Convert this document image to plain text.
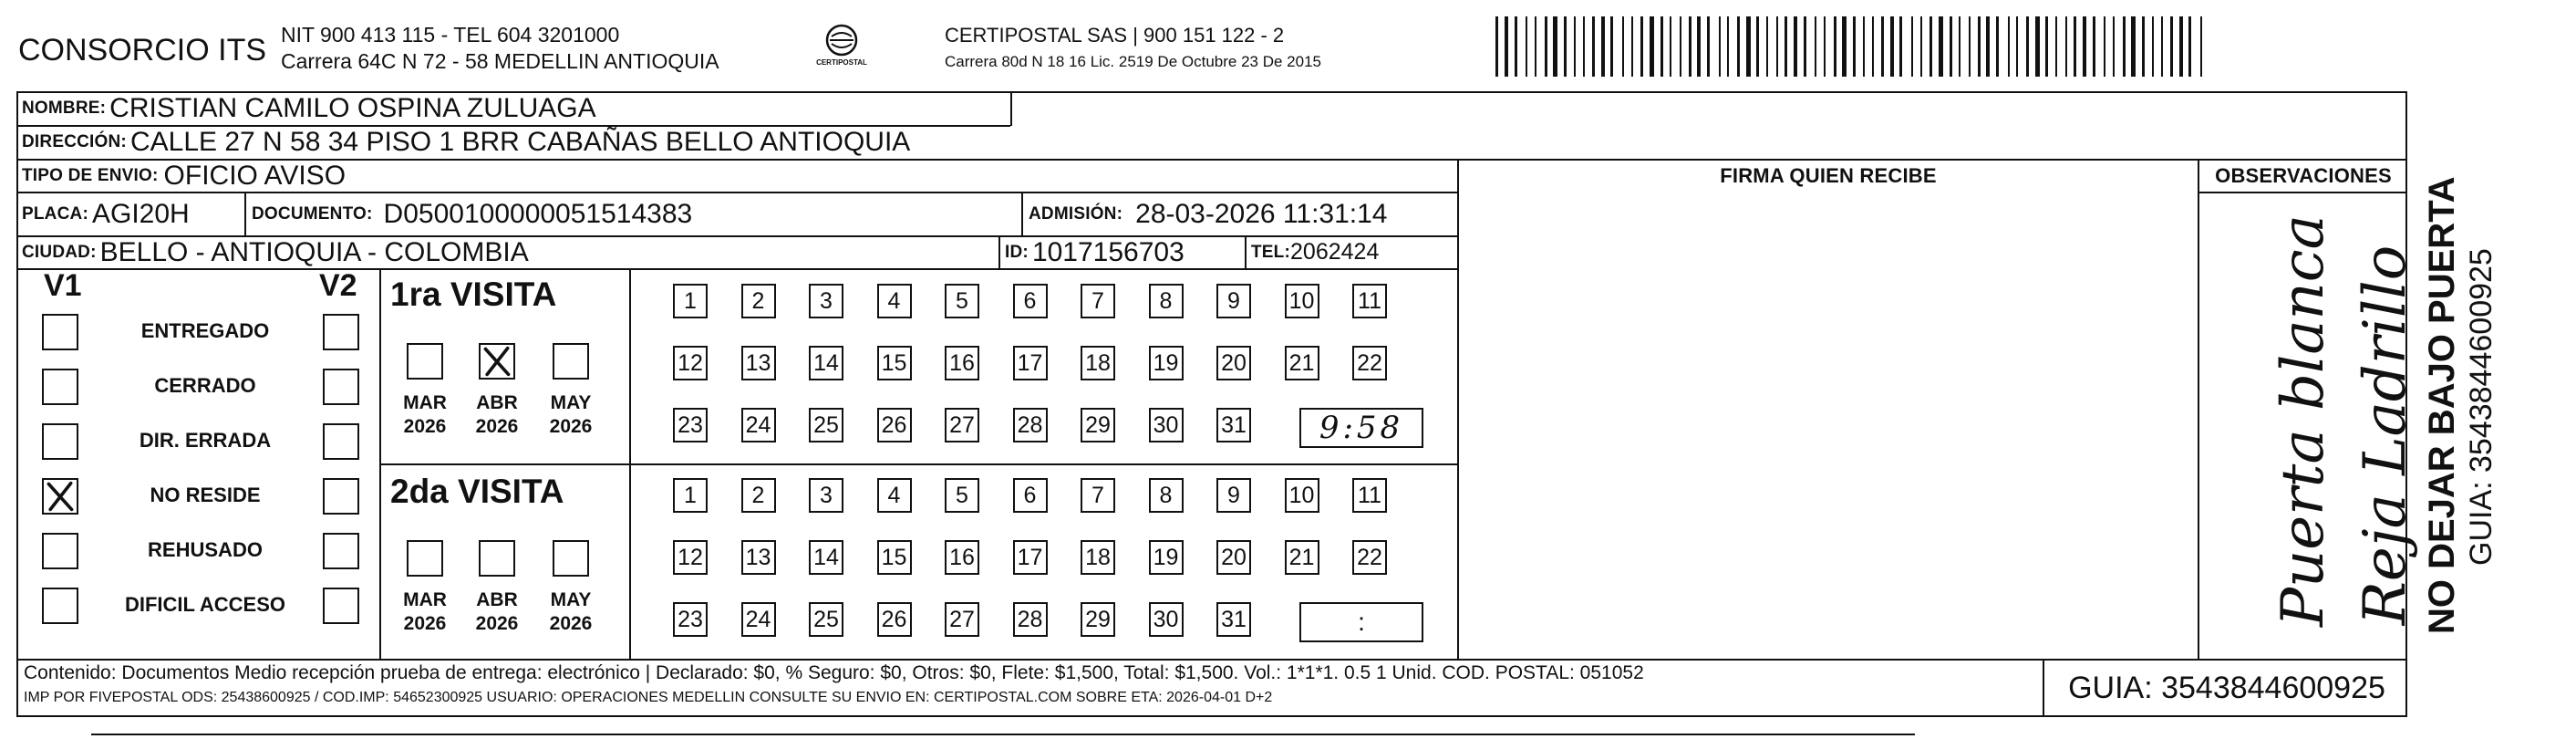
CONSORCIO ITS NIT 900 413 115 - TEL 604 3201000
Carrera 64C N 72 - 58 MEDELLIN ANTIOQUIA	CERTIPOSTAL
CERTIPOSTAL SAS | 900 151 122 - 2
Carrera 80d N 18 16 Lic. 2519 De Octubre 23 De 2015
NOMBRE: CRISTIAN CAMILO OSPINA ZULUAGA
DIRECCIÓN: CALLE 27 N 58 34 PISO 1 BRR CABAÑAS BELLO ANTIOQUIA
TIPO DE ENVIO: OFICIO AVISO
PLACA: AGI20H	DOCUMENTO: D0500100000051514383	ADMISIÓN: 28-03-2026 11:31:14
CIUDAD: BELLO - ANTIOQUIA - COLOMBIA	ID: 1017156703	TEL: 2062424
FIRMA QUIEN RECIBE	OBSERVACIONES
Puerta blanca Reja Ladrillo
V1	V2 1ra VISITA
2da VISITA
Contenido: Documentos Medio recepción prueba de entrega: electrónico | Declarado: $0, % Seguro: $0, Otros: $0, Flete: $1,500, Total: $1,500. Vol.: 1*1*1. 0.5 1 Unid. COD. POSTAL: 051052
IMP POR FIVEPOSTAL ODS: 25438600925 / COD.IMP: 54652300925 USUARIO: OPERACIONES MEDELLIN CONSULTE SU ENVIO EN: CERTIPOSTAL.COM SOBRE ETA: 2026-04-01 D+2	GUIA: 3543844600925
NO DEJAR BAJO PUERTA GUIA: 3543844600925
ENTREGADO
CERRADO
DIR. ERRADA
NO RESIDE
REHUSADO
DIFICIL ACCESO
MAR
2026
ABR
2026
MAY
2026
MAR
2026
ABR
2026
MAY
2026
1	2	3	4	5	6	7	8	9	10 11
12 13 14 15 16 17 18 19 20 21 22
23 24 25 26 27 28 29 30 31 9:58
1	2	3	4	5	6	7	8	9	10 11
12 13 14 15 16 17 18 19 20 21 22
23 24 25 26 27 28 29 30 31	:
